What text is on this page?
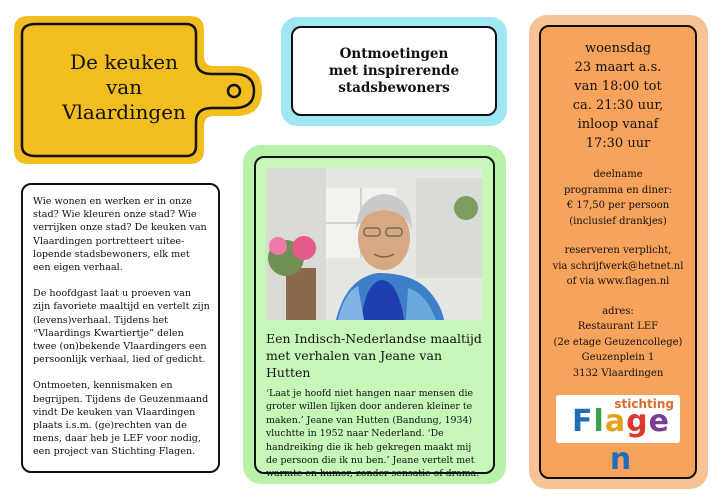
De keuken
van
Vlaardingen
Ontmoetingen
met inspirerende
stadsbewoners

Wie wonen en werken er in onze stad? Wie kleuren onze stad? Wie verrijken onze stad? De keuken van Vlaardingen portretteert uitee-lopende stadsbewoners, elk met een eigen verhaal.

De hoofdgast laat u proeven van zijn favoriete maaltijd en vertelt zijn (levens)verhaal. Tijdens het “Vlaardings Kwartiertje” delen twee (on)bekende Vlaardingers een persoonlijk verhaal, lied of gedicht.

Ontmoeten, kennismaken en begrijpen. Tijdens de Geuzenmaand vindt De keuken van Vlaardingen plaats i.s.m. (ge)rechten van de mens, daar heb je LEF voor nodig, een project van Stichting Flagen.

Een Indisch-Nederlandse maaltijd
met verhalen van Jeane van Hutten
‘Laat je hoofd niet hangen naar mensen die groter willen lijken door anderen kleiner te maken.’ Jeane van Hutten (Bandung, 1934) vluchtte in 1952 naar Nederland. ‘De handreiking die ik heb gekregen maakt mij de persoon die ik nu ben.’ Jeane vertelt met warmte en humor, zonder sensatie of drama.
woensdag
23 maart a.s.
van 18:00 tot
ca. 21:30 uur,
inloop vanaf
17:30 uur
deelname
programma en diner:
€ 17,50 per persoon
(inclusief drankjes)
reserveren verplicht,
via schrijfwerk@hetnet.nl
of via www.flagen.nl
adres:
Restaurant LEF
(2e etage Geuzencollege)
Geuzenplein 1
3132 Vlaardingen
stichting
Flagen
